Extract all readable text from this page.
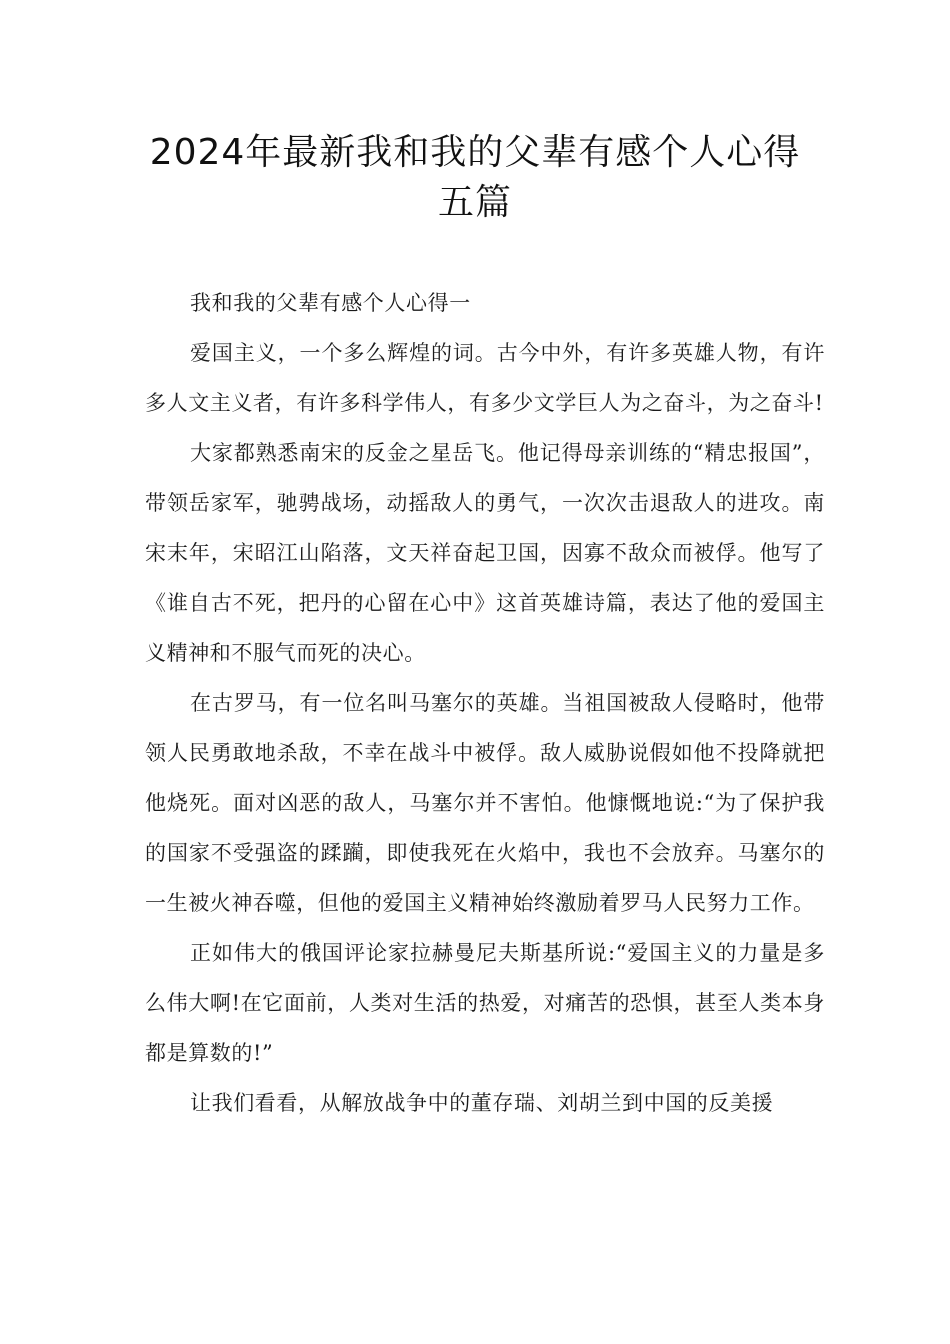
2024年最新我和我的父辈有感个人心得
五篇

我和我的父辈有感个人心得一

爱国主义，一个多么辉煌的词。古今中外，有许多英雄人物，有许多人文主义者，有许多科学伟人，有多少文学巨人为之奋斗，为之奋斗!

大家都熟悉南宋的反金之星岳飞。他记得母亲训练的“精忠报国”，带领岳家军，驰骋战场，动摇敌人的勇气，一次次击退敌人的进攻。南宋末年，宋昭江山陷落，文天祥奋起卫国，因寡不敌众而被俘。他写了《谁自古不死，把丹的心留在心中》这首英雄诗篇，表达了他的爱国主义精神和不服气而死的决心。

在古罗马，有一位名叫马塞尔的英雄。当祖国被敌人侵略时，他带领人民勇敢地杀敌，不幸在战斗中被俘。敌人威胁说假如他不投降就把他烧死。面对凶恶的敌人，马塞尔并不害怕。他慷慨地说:“为了保护我的国家不受强盗的蹂躏，即使我死在火焰中，我也不会放弃。马塞尔的一生被火神吞噬，但他的爱国主义精神始终激励着罗马人民努力工作。

正如伟大的俄国评论家拉赫曼尼夫斯基所说:“爱国主义的力量是多么伟大啊!在它面前，人类对生活的热爱，对痛苦的恐惧，甚至人类本身都是算数的!”

让我们看看，从解放战争中的董存瑞、刘胡兰到中国的反美援
